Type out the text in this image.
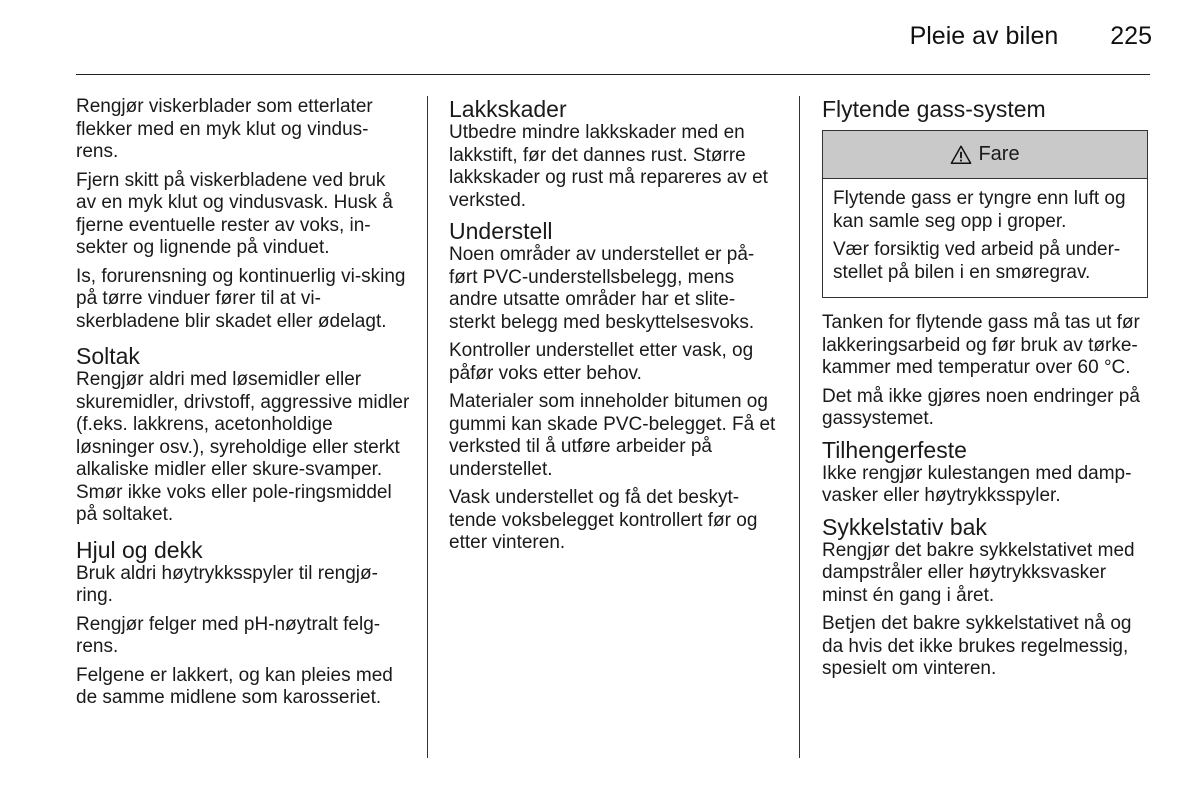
Pleie av bilen 225
Rengjør viskerblader som etterlater flekker med en myk klut og vindus-rens.
Fjern skitt på viskerbladene ved bruk av en myk klut og vindusvask. Husk å fjerne eventuelle rester av voks, in-sekter og lignende på vinduet.
Is, forurensning og kontinuerlig vi-sking på tørre vinduer fører til at vi-skerbladene blir skadet eller ødelagt.
Soltak
Rengjør aldri med løsemidler eller skuremidler, drivstoff, aggressive midler (f.eks. lakkrens, acetonholdige løsninger osv.), syreholdige eller sterkt alkaliske midler eller skure-svamper. Smør ikke voks eller pole-ringsmiddel på soltaket.
Hjul og dekk
Bruk aldri høytrykksspyler til rengjø-ring.
Rengjør felger med pH-nøytralt felg-rens.
Felgene er lakkert, og kan pleies med de samme midlene som karosseriet.
Lakkskader
Utbedre mindre lakkskader med en lakkstift, før det dannes rust. Større lakkskader og rust må repareres av et verksted.
Understell
Noen områder av understellet er på-ført PVC-understellsbelegg, mens andre utsatte områder har et slite-sterkt belegg med beskyttelsesvoks.
Kontroller understellet etter vask, og påfør voks etter behov.
Materialer som inneholder bitumen og gummi kan skade PVC-belegget. Få et verksted til å utføre arbeider på understellet.
Vask understellet og få det beskyt-tende voksbelegget kontrollert før og etter vinteren.
Flytende gass-system
Fare
Flytende gass er tyngre enn luft og kan samle seg opp i groper.
Vær forsiktig ved arbeid på under-stellet på bilen i en smøregrav.
Tanken for flytende gass må tas ut før lakkeringsarbeid og før bruk av tørke-kammer med temperatur over 60 °C.
Det må ikke gjøres noen endringer på gassystemet.
Tilhengerfeste
Ikke rengjør kulestangen med damp-vasker eller høytrykksspyler.
Sykkelstativ bak
Rengjør det bakre sykkelstativet med dampstråler eller høytrykksvasker minst én gang i året.
Betjen det bakre sykkelstativet nå og da hvis det ikke brukes regelmessig, spesielt om vinteren.
